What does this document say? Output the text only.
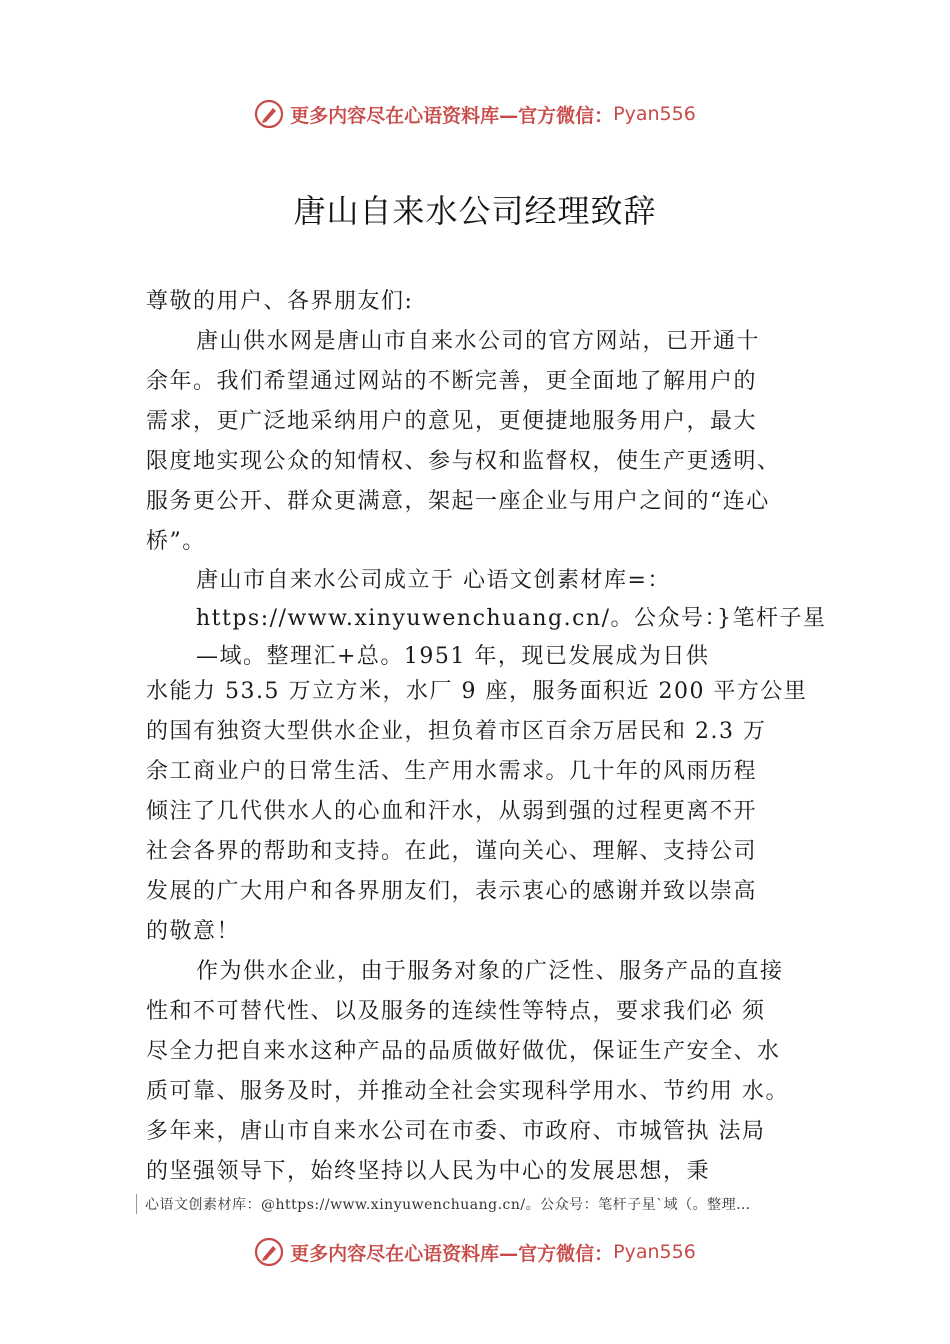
更多内容尽在心语资料库—官方微信： Pyan556
唐山自来水公司经理致辞

尊敬的用户、各界朋友们:

唐山供水网是唐山市自来水公司的官方网站，已开通十
余年。我们希望通过网站的不断完善，更全面地了解用户的
需求，更广泛地采纳用户的意见，更便捷地服务用户，最大
限度地实现公众的知情权、参与权和监督权，使生产更透明、
服务更公开、群众更满意，架起一座企业与用户之间的“连心
桥”。
唐山市自来水公司成立于 心语文创素材库=：
https://www.xinyuwenchuang.cn/。公众号：}笔杆子星
—域。整理汇+总。1951 年，现已发展成为日供
水能力 53.5 万立方米，水厂 9 座，服务面积近 200 平方公里
的国有独资大型供水企业，担负着市区百余万居民和 2.3 万
余工商业户的日常生活、生产用水需求。几十年的风雨历程
倾注了几代供水人的心血和汗水，从弱到强的过程更离不开
社会各界的帮助和支持。在此，谨向关心、理解、支持公司
发展的广大用户和各界朋友们，表示衷心的感谢并致以崇高
的敬意！
作为供水企业，由于服务对象的广泛性、服务产品的直接
性和不可替代性、以及服务的连续性等特点，要求我们必 须
尽全力把自来水这种产品的品质做好做优，保证生产安全、水
质可靠、服务及时，并推动全社会实现科学用水、节约用 水。
多年来，唐山市自来水公司在市委、市政府、市城管执 法局
的坚强领导下，始终坚持以人民为中心的发展思想，秉
心语文创素材库：@https://www.xinyuwenchuang.cn/。公众号：笔杆子星`域（。整理…
更多内容尽在心语资料库—官方微信： Pyan556
